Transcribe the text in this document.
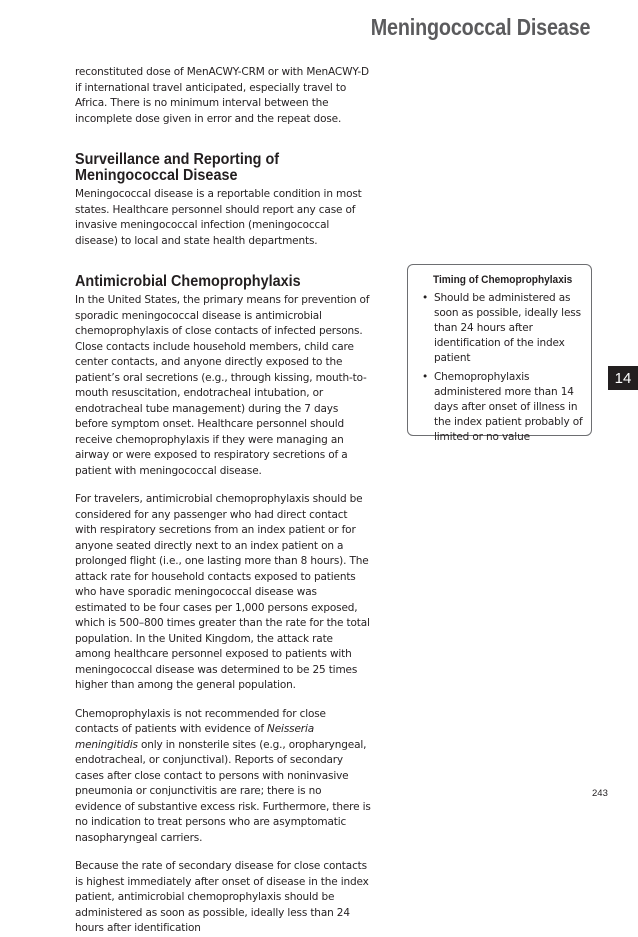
Meningococcal Disease

reconstituted dose of MenACWY-CRM or with MenACWY-D if international travel anticipated, especially travel to Africa. There is no minimum interval between the incomplete dose given in error and the repeat dose.

Surveillance and Reporting of
Meningococcal Disease

Meningococcal disease is a reportable condition in most states. Healthcare personnel should report any case of invasive meningococcal infection (meningococcal disease) to local and state health departments.

Antimicrobial Chemoprophylaxis

In the United States, the primary means for prevention of sporadic meningococcal disease is antimicrobial chemoprophylaxis of close contacts of infected persons. Close contacts include household members, child care center contacts, and anyone directly exposed to the patient’s oral secretions (e.g., through kissing, mouth-to-mouth resuscitation, endotracheal intubation, or endotracheal tube management) during the 7 days before symptom onset. Healthcare personnel should receive chemoprophylaxis if they were managing an airway or were exposed to respiratory secretions of a patient with meningococcal disease.

For travelers, antimicrobial chemoprophylaxis should be considered for any passenger who had direct contact with respiratory secretions from an index patient or for anyone seated directly next to an index patient on a prolonged flight (i.e., one lasting more than 8 hours). The attack rate for household contacts exposed to patients who have sporadic meningococcal disease was estimated to be four cases per 1,000 persons exposed, which is 500–800 times greater than the rate for the total population. In the United Kingdom, the attack rate among healthcare personnel exposed to patients with meningococcal disease was determined to be 25 times higher than among the general population.

Chemoprophylaxis is not recommended for close contacts of patients with evidence of Neisseria meningitidis only in nonsterile sites (e.g., oropharyngeal, endotracheal, or conjunctival). Reports of secondary cases after close contact to persons with noninvasive pneumonia or conjunctivitis are rare; there is no evidence of substantive excess risk. Furthermore, there is no indication to treat persons who are asymptomatic nasopharyngeal carriers.

Because the rate of secondary disease for close contacts is highest immediately after onset of disease in the index patient, antimicrobial chemoprophylaxis should be administered as soon as possible, ideally less than 24 hours after identification

Timing of Chemoprophylaxis
• Should be administered as soon as possible, ideally less than 24 hours after identification of the index patient
• Chemoprophylaxis administered more than 14 days after onset of illness in the index patient probably of limited or no value
14
243
